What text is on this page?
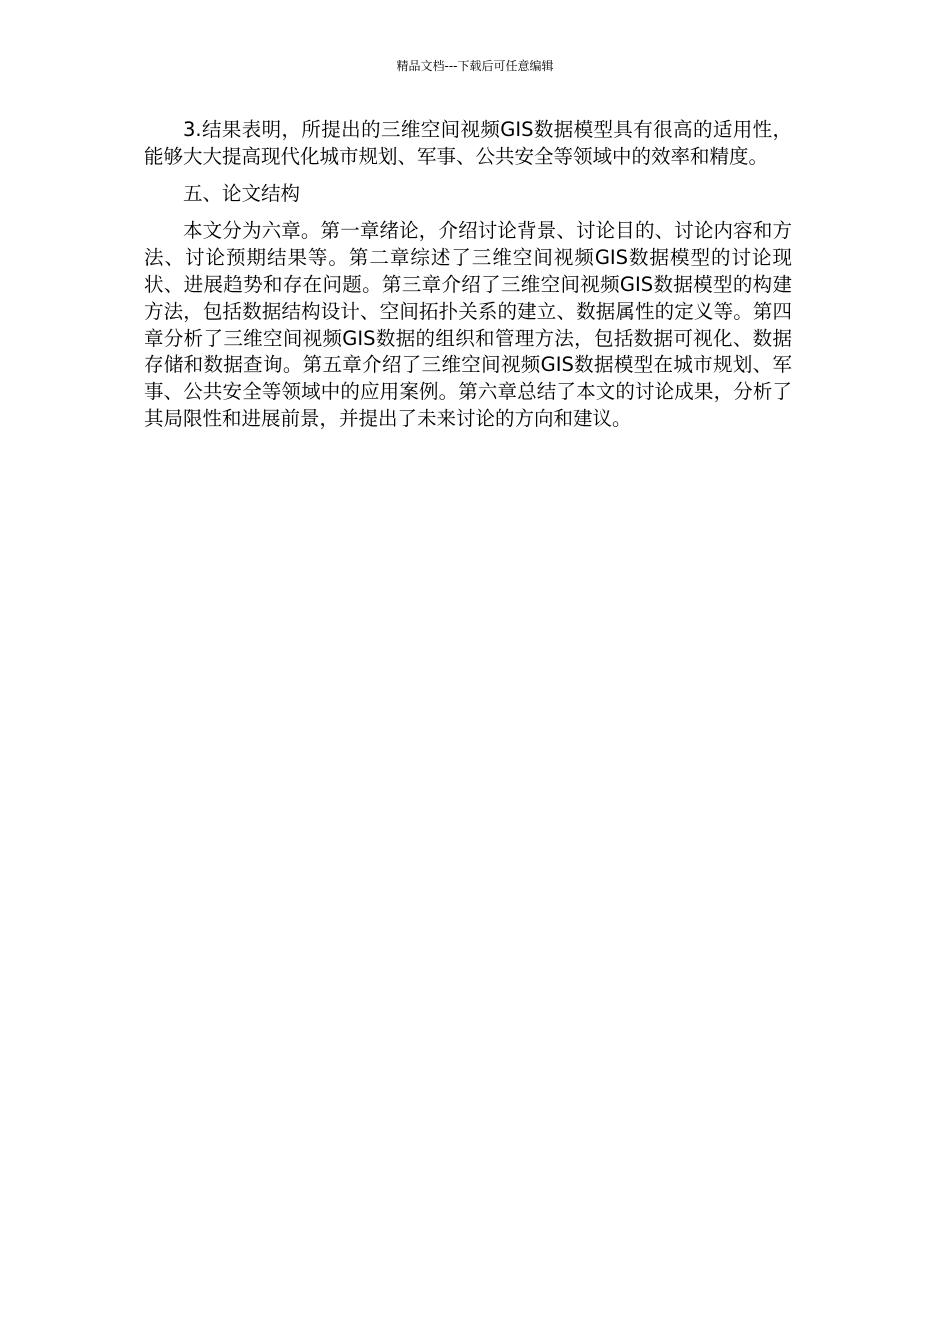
精品文档---下载后可任意编辑

3.结果表明，所提出的三维空间视频GIS数据模型具有很高的适用性，能够大大提高现代化城市规划、军事、公共安全等领域中的效率和精度。

五、论文结构

本文分为六章。第一章绪论，介绍讨论背景、讨论目的、讨论内容和方法、讨论预期结果等。第二章综述了三维空间视频GIS数据模型的讨论现状、进展趋势和存在问题。第三章介绍了三维空间视频GIS数据模型的构建方法，包括数据结构设计、空间拓扑关系的建立、数据属性的定义等。第四章分析了三维空间视频GIS数据的组织和管理方法，包括数据可视化、数据存储和数据查询。第五章介绍了三维空间视频GIS数据模型在城市规划、军事、公共安全等领域中的应用案例。第六章总结了本文的讨论成果，分析了其局限性和进展前景，并提出了未来讨论的方向和建议。
